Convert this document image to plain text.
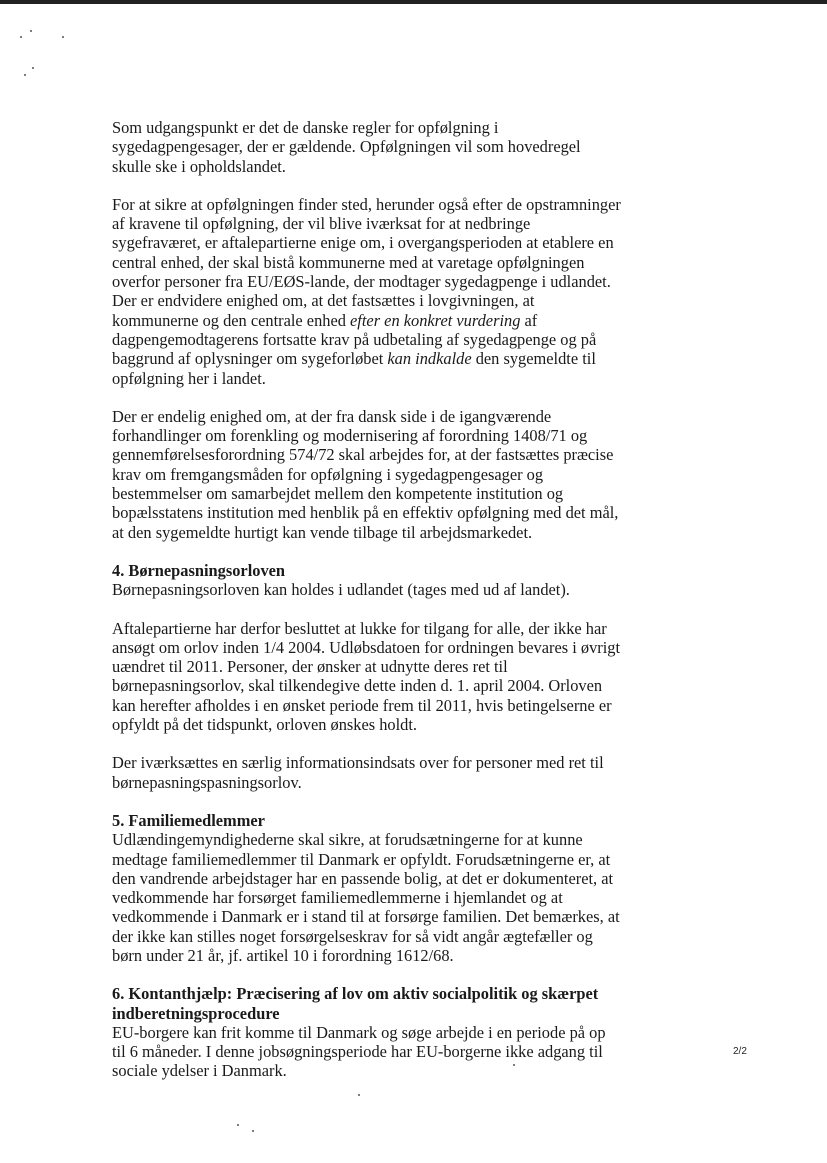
Som udgangspunkt er det de danske regler for opfølgning i sygedagpengesager, der er gældende. Opfølgningen vil som hovedregel skulle ske i opholdslandet.

For at sikre at opfølgningen finder sted, herunder også efter de opstramninger af kravene til opfølgning, der vil blive iværksat for at nedbringe sygefraværet, er aftalepartierne enige om, i overgangsperioden at etablere en central enhed, der skal bistå kommunerne med at varetage opfølgningen overfor personer fra EU/EØS-lande, der modtager sygedagpenge i udlandet. Der er endvidere enighed om, at det fastsættes i lovgivningen, at kommunerne og den centrale enhed efter en konkret vurdering af dagpengemodtagerens fortsatte krav på udbetaling af sygedagpenge og på baggrund af oplysninger om sygeforløbet kan indkalde den sygemeldte til opfølgning her i landet.

Der er endelig enighed om, at der fra dansk side i de igangværende forhandlinger om forenkling og modernisering af forordning 1408/71 og gennemførelsesforordning 574/72 skal arbejdes for, at der fastsættes præcise krav om fremgangsmåden for opfølgning i sygedagpengesager og bestemmelser om samarbejdet mellem den kompetente institution og bopælsstatens institution med henblik på en effektiv opfølgning med det mål, at den sygemeldte hurtigt kan vende tilbage til arbejdsmarkedet.

4. Børnepasningsorloven

Børnepasningsorloven kan holdes i udlandet (tages med ud af landet).

Aftalepartierne har derfor besluttet at lukke for tilgang for alle, der ikke har ansøgt om orlov inden 1/4 2004. Udløbsdatoen for ordningen bevares i øvrigt uændret til 2011. Personer, der ønsker at udnytte deres ret til børnepasningsorlov, skal tilkendegive dette inden d. 1. april 2004. Orloven kan herefter afholdes i en ønsket periode frem til 2011, hvis betingelserne er opfyldt på det tidspunkt, orloven ønskes holdt.

Der iværksættes en særlig informationsindsats over for personer med ret til børnepasningspasningsorlov.

5. Familiemedlemmer

Udlændingemyndighederne skal sikre, at forudsætningerne for at kunne medtage familiemedlemmer til Danmark er opfyldt. Forudsætningerne er, at den vandrende arbejdstager har en passende bolig, at det er dokumenteret, at vedkommende har forsørget familiemedlemmerne i hjemlandet og at vedkommende i Danmark er i stand til at forsørge familien. Det bemærkes, at der ikke kan stilles noget forsørgelseskrav for så vidt angår ægtefæller og børn under 21 år, jf. artikel 10 i forordning 1612/68.

6. Kontanthjælp: Præcisering af lov om aktiv socialpolitik og skærpet indberetningsprocedure

EU-borgere kan frit komme til Danmark og søge arbejde i en periode på op til 6 måneder. I denne jobsøgningsperiode har EU-borgerne ikke adgang til sociale ydelser i Danmark.

2/2
